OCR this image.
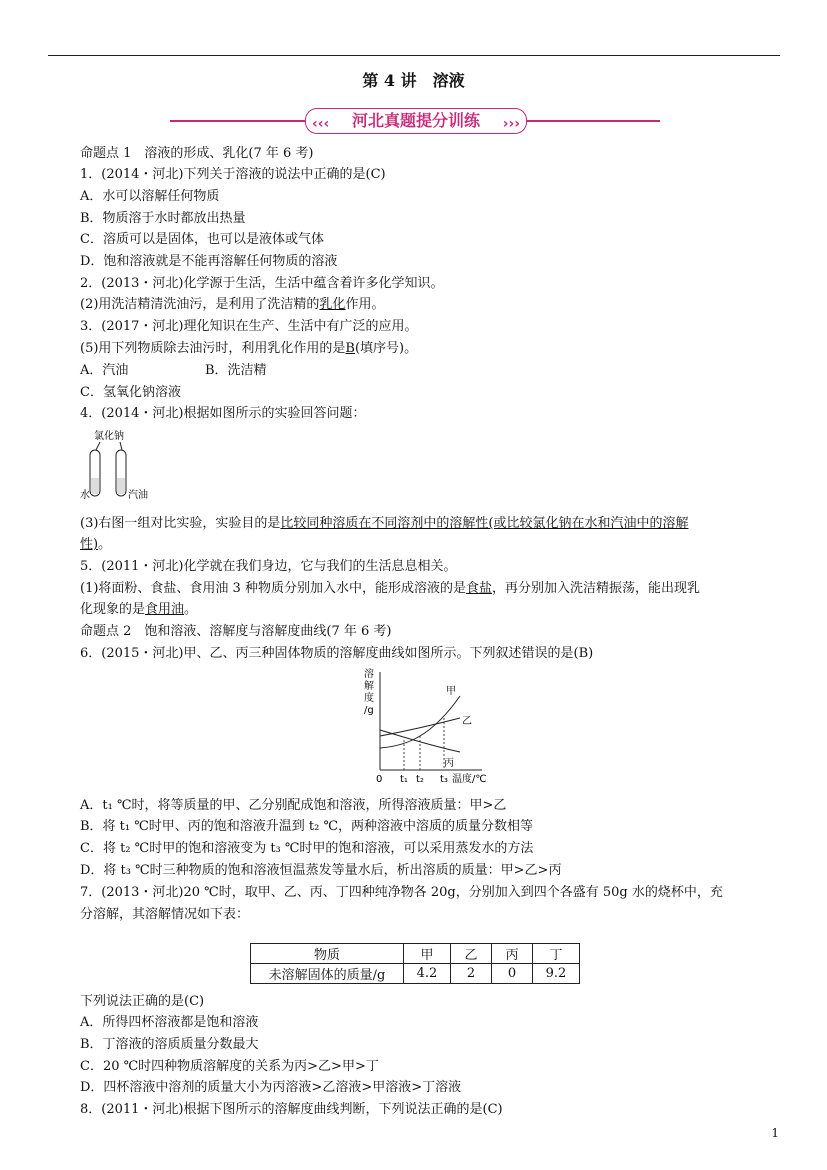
第 4 讲　溶液
‹‹‹ 河北真题提分训练 ›››
命题点 1　溶液的形成、乳化(7 年 6 考)
1．(2014・河北)下列关于溶液的说法中正确的是(C)
A．水可以溶解任何物质
B．物质溶于水时都放出热量
C．溶质可以是固体，也可以是液体或气体
D．饱和溶液就是不能再溶解任何物质的溶液
2．(2013・河北)化学源于生活，生活中蕴含着许多化学知识。
(2)用洗洁精清洗油污，是利用了洗洁精的乳化作用。
3．(2017・河北)理化知识在生产、生活中有广泛的应用。
(5)用下列物质除去油污时，利用乳化作用的是B(填序号)。
A．汽油	B．洗洁精
C．氢氧化钠溶液
4．(2014・河北)根据如图所示的实验回答问题：
氯化钠
水	汽油
(3)右图一组对比实验，实验目的是比较同种溶质在不同溶剂中的溶解性(或比较氯化钠在水和汽油中的溶解
性)。
5．(2011・河北)化学就在我们身边，它与我们的生活息息相关。
(1)将面粉、食盐、食用油 3 种物质分别加入水中，能形成溶液的是食盐，再分别加入洗洁精振荡，能出现乳
化现象的是食用油。
命题点 2　饱和溶液、溶解度与溶解度曲线(7 年 6 考)
6．(2015・河北)甲、乙、丙三种固体物质的溶解度曲线如图所示。下列叙述错误的是(B)
溶
解
度
/g
0 t₁ t₂ t₃ 温度/℃
甲
乙
丙
A．t₁ ℃时，将等质量的甲、乙分别配成饱和溶液，所得溶液质量：甲>乙
B．将 t₁ ℃时甲、丙的饱和溶液升温到 t₂ ℃，两种溶液中溶质的质量分数相等
C．将 t₂ ℃时甲的饱和溶液变为 t₃ ℃时甲的饱和溶液，可以采用蒸发水的方法
D．将 t₃ ℃时三种物质的饱和溶液恒温蒸发等量水后，析出溶质的质量：甲>乙>丙
7．(2013・河北)20 ℃时，取甲、乙、丙、丁四种纯净物各 20g，分别加入到四个各盛有 50g 水的烧杯中，充
分溶解，其溶解情况如下表：
物质	甲	乙	丙	丁
未溶解固体的质量/g	4.2	2	0	9.2
下列说法正确的是(C)
A．所得四杯溶液都是饱和溶液
B．丁溶液的溶质质量分数最大
C．20 ℃时四种物质溶解度的关系为丙>乙>甲>丁
D．四杯溶液中溶剂的质量大小为丙溶液>乙溶液>甲溶液>丁溶液
8．(2011・河北)根据下图所示的溶解度曲线判断，下列说法正确的是(C)
1
